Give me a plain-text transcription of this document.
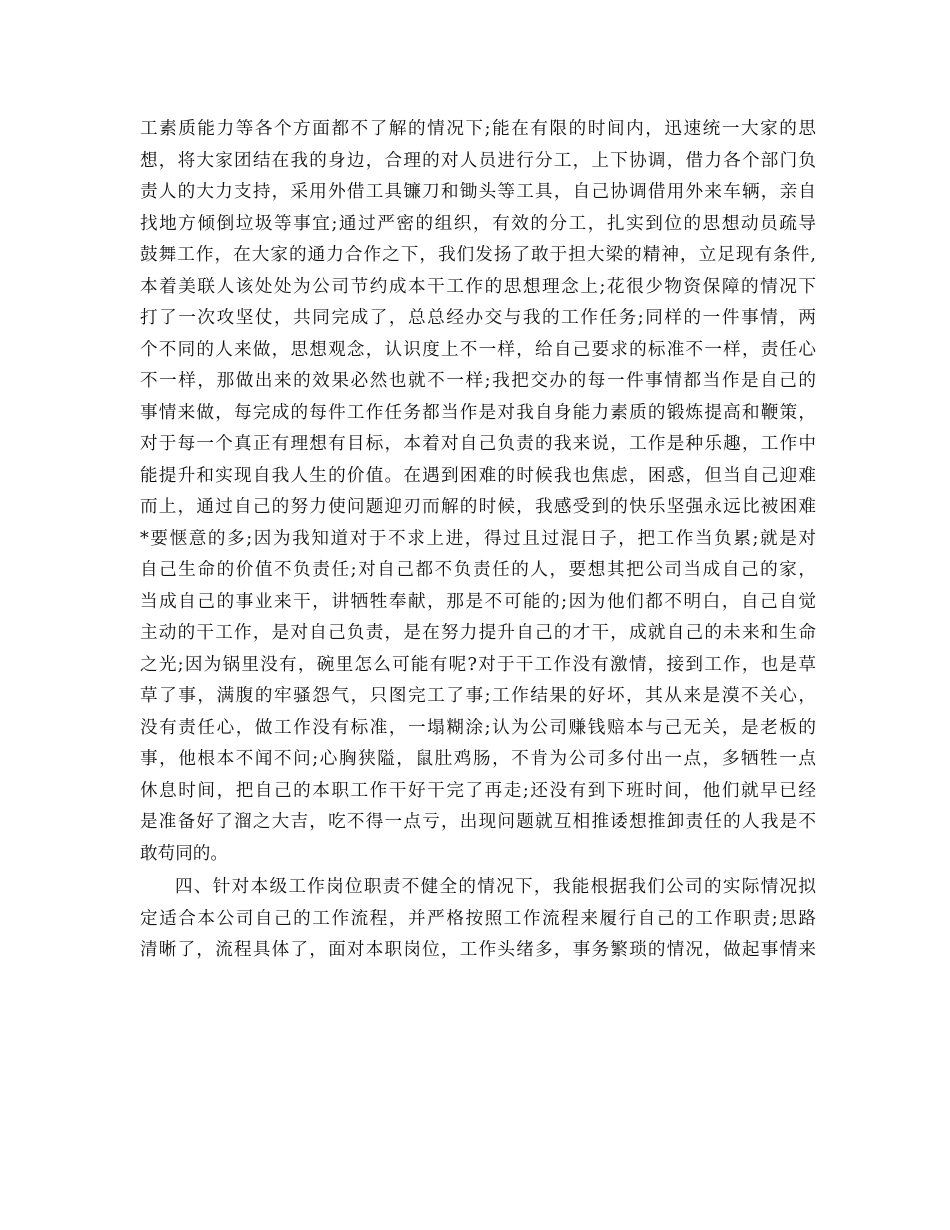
工素质能力等各个方面都不了解的情况下;能在有限的时间内，迅速统一大家的思
想，将大家团结在我的身边，合理的对人员进行分工，上下协调，借力各个部门负
责人的大力支持，采用外借工具镰刀和锄头等工具，自己协调借用外来车辆，亲自
找地方倾倒垃圾等事宜;通过严密的组织，有效的分工，扎实到位的思想动员疏导
鼓舞工作，在大家的通力合作之下，我们发扬了敢于担大梁的精神，立足现有条件,
本着美联人该处处为公司节约成本干工作的思想理念上;花很少物资保障的情况下
打了一次攻坚仗，共同完成了，总总经办交与我的工作任务;同样的一件事情，两
个不同的人来做，思想观念，认识度上不一样，给自己要求的标准不一样，责任心
不一样，那做出来的效果必然也就不一样;我把交办的每一件事情都当作是自己的
事情来做，每完成的每件工作任务都当作是对我自身能力素质的锻炼提高和鞭策，
对于每一个真正有理想有目标，本着对自己负责的我来说，工作是种乐趣，工作中
能提升和实现自我人生的价值。在遇到困难的时候我也焦虑，困惑，但当自己迎难
而上，通过自己的努力使问题迎刃而解的时候，我感受到的快乐坚强永远比被困难
*要惬意的多;因为我知道对于不求上进，得过且过混日子，把工作当负累;就是对
自己生命的价值不负责任;对自己都不负责任的人，要想其把公司当成自己的家，
当成自己的事业来干，讲牺牲奉献，那是不可能的;因为他们都不明白，自己自觉
主动的干工作，是对自己负责，是在努力提升自己的才干，成就自己的未来和生命
之光;因为锅里没有，碗里怎么可能有呢?对于干工作没有激情，接到工作，也是草
草了事，满腹的牢骚怨气，只图完工了事;工作结果的好坏，其从来是漠不关心，
没有责任心，做工作没有标准，一塌糊涂;认为公司赚钱赔本与己无关，是老板的
事，他根本不闻不问;心胸狭隘，鼠肚鸡肠，不肯为公司多付出一点，多牺牲一点
休息时间，把自己的本职工作干好干完了再走;还没有到下班时间，他们就早已经
是准备好了溜之大吉，吃不得一点亏，出现问题就互相推诿想推卸责任的人我是不
敢苟同的。

四、针对本级工作岗位职责不健全的情况下，我能根据我们公司的实际情况拟
定适合本公司自己的工作流程，并严格按照工作流程来履行自己的工作职责;思路
清晰了，流程具体了，面对本职岗位，工作头绪多，事务繁琐的情况，做起事情来
